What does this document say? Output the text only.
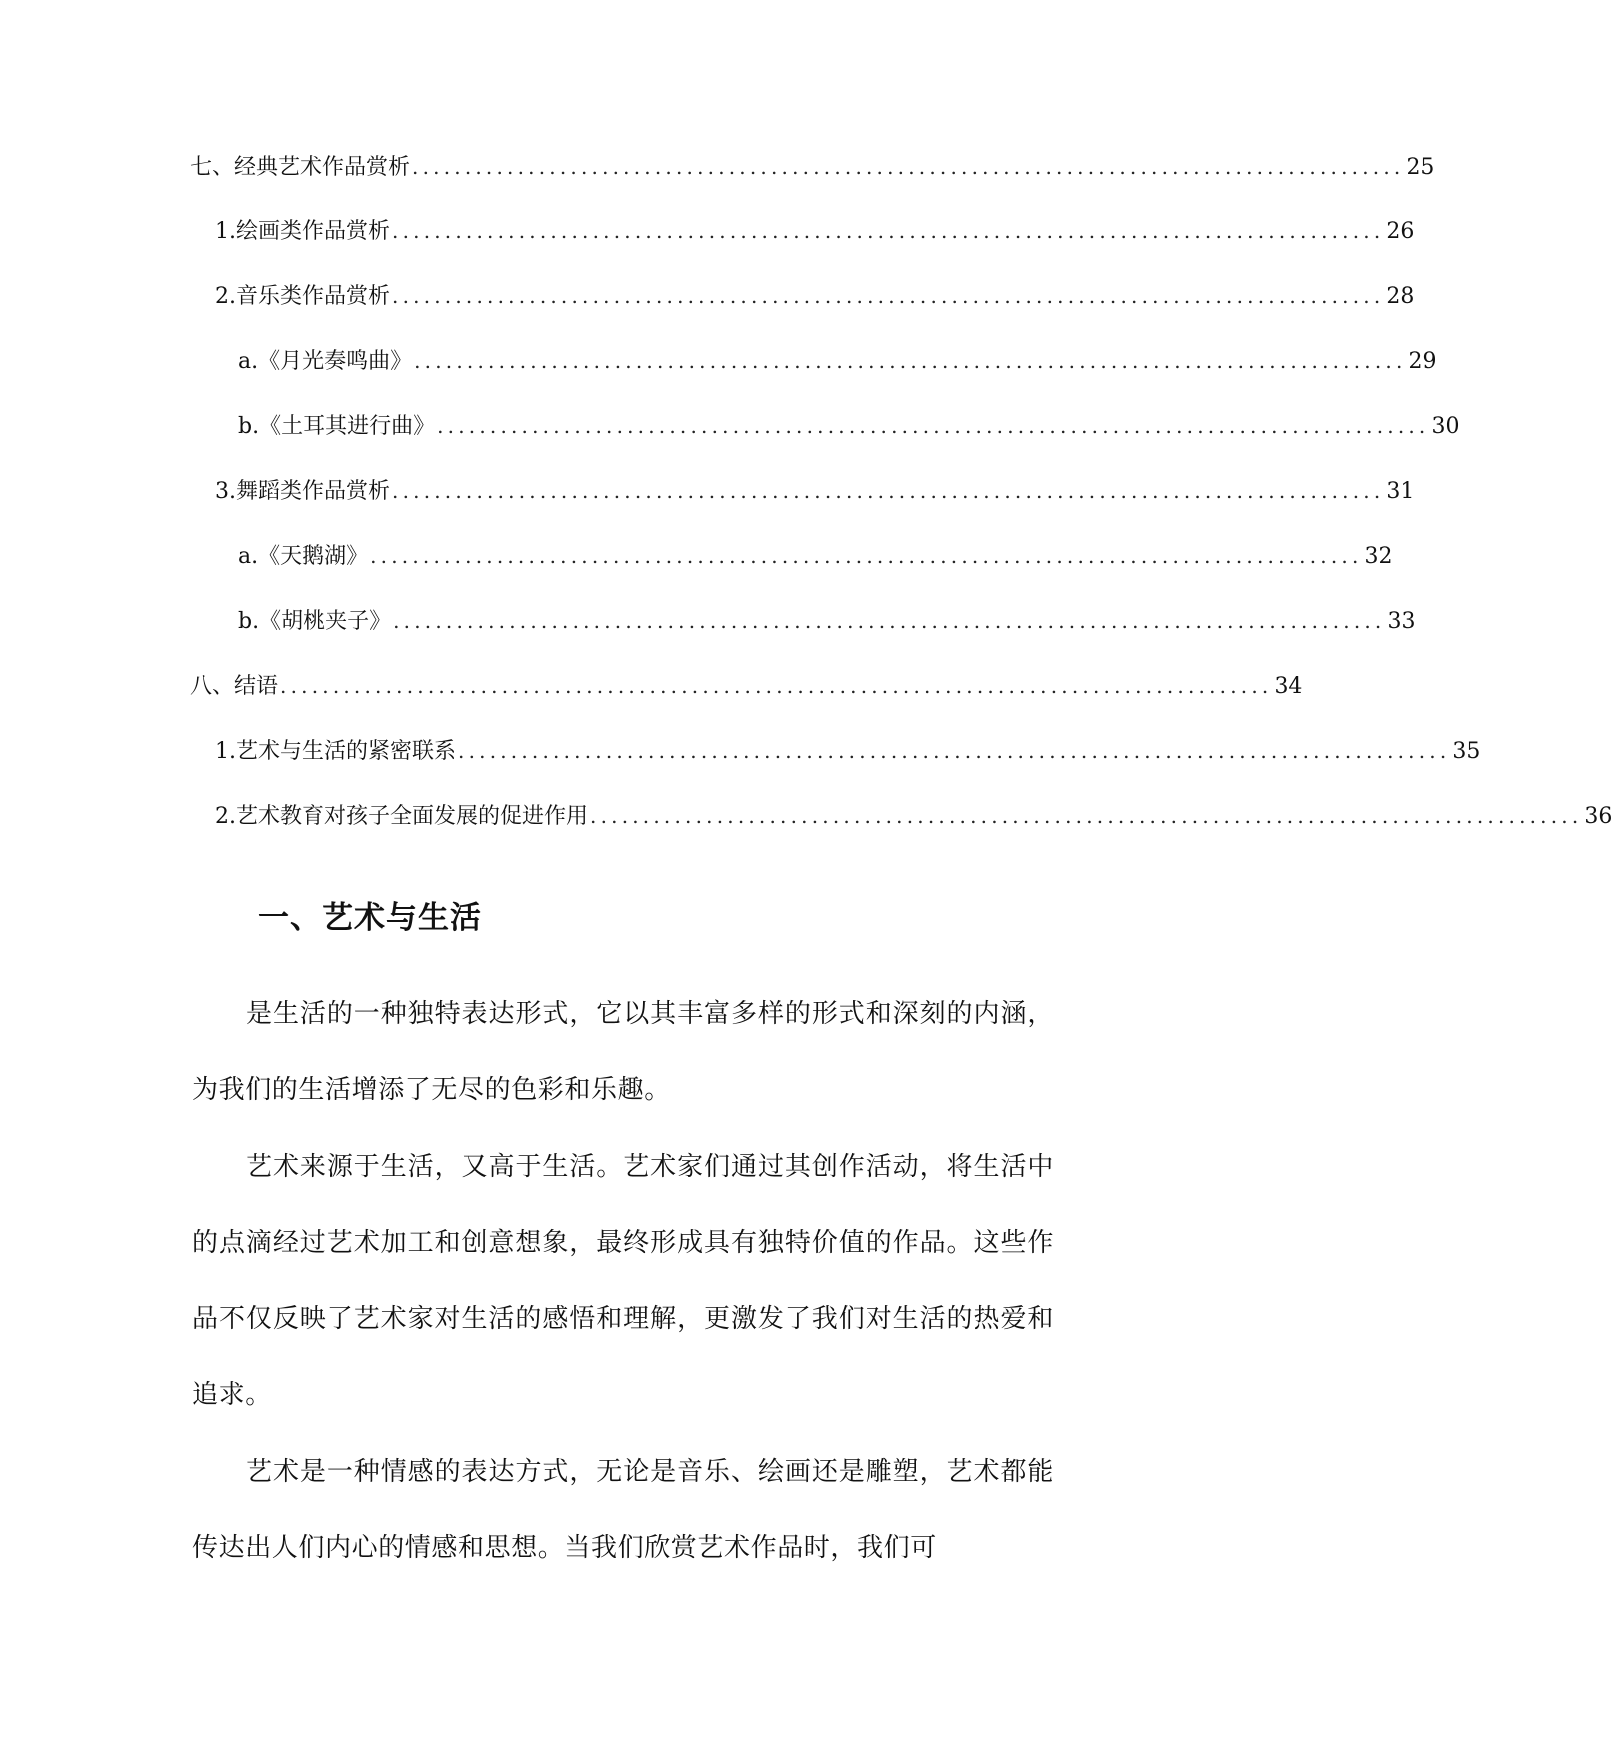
七、 经典艺术作品赏析 .............................................................................................. 25
1. 绘画类作品赏析 .............................................................................................. 26
2. 音乐类作品赏析 .............................................................................................. 28
a. 《月光奏鸣曲》 .............................................................................................. 29
b. 《土耳其进行曲》 .............................................................................................. 30
3. 舞蹈类作品赏析 .............................................................................................. 31
a. 《天鹅湖》 .............................................................................................. 32
b. 《胡桃夹子》 .............................................................................................. 33
八、 结语 .............................................................................................. 34
1. 艺术与生活的紧密联系 .............................................................................................. 35
2. 艺术教育对孩子全面发展的促进作用 .............................................................................................. 36
一、艺术与生活

是生活的一种独特表达形式，它以其丰富多样的形式和深刻的内涵，为我们的生活增添了无尽的色彩和乐趣。

艺术来源于生活，又高于生活。艺术家们通过其创作活动，将生活中的点滴经过艺术加工和创意想象，最终形成具有独特价值的作品。这些作品不仅反映了艺术家对生活的感悟和理解，更激发了我们对生活的热爱和追求。

艺术是一种情感的表达方式，无论是音乐、绘画还是雕塑，艺术都能传达出人们内心的情感和思想。当我们欣赏艺术作品时，我们可
